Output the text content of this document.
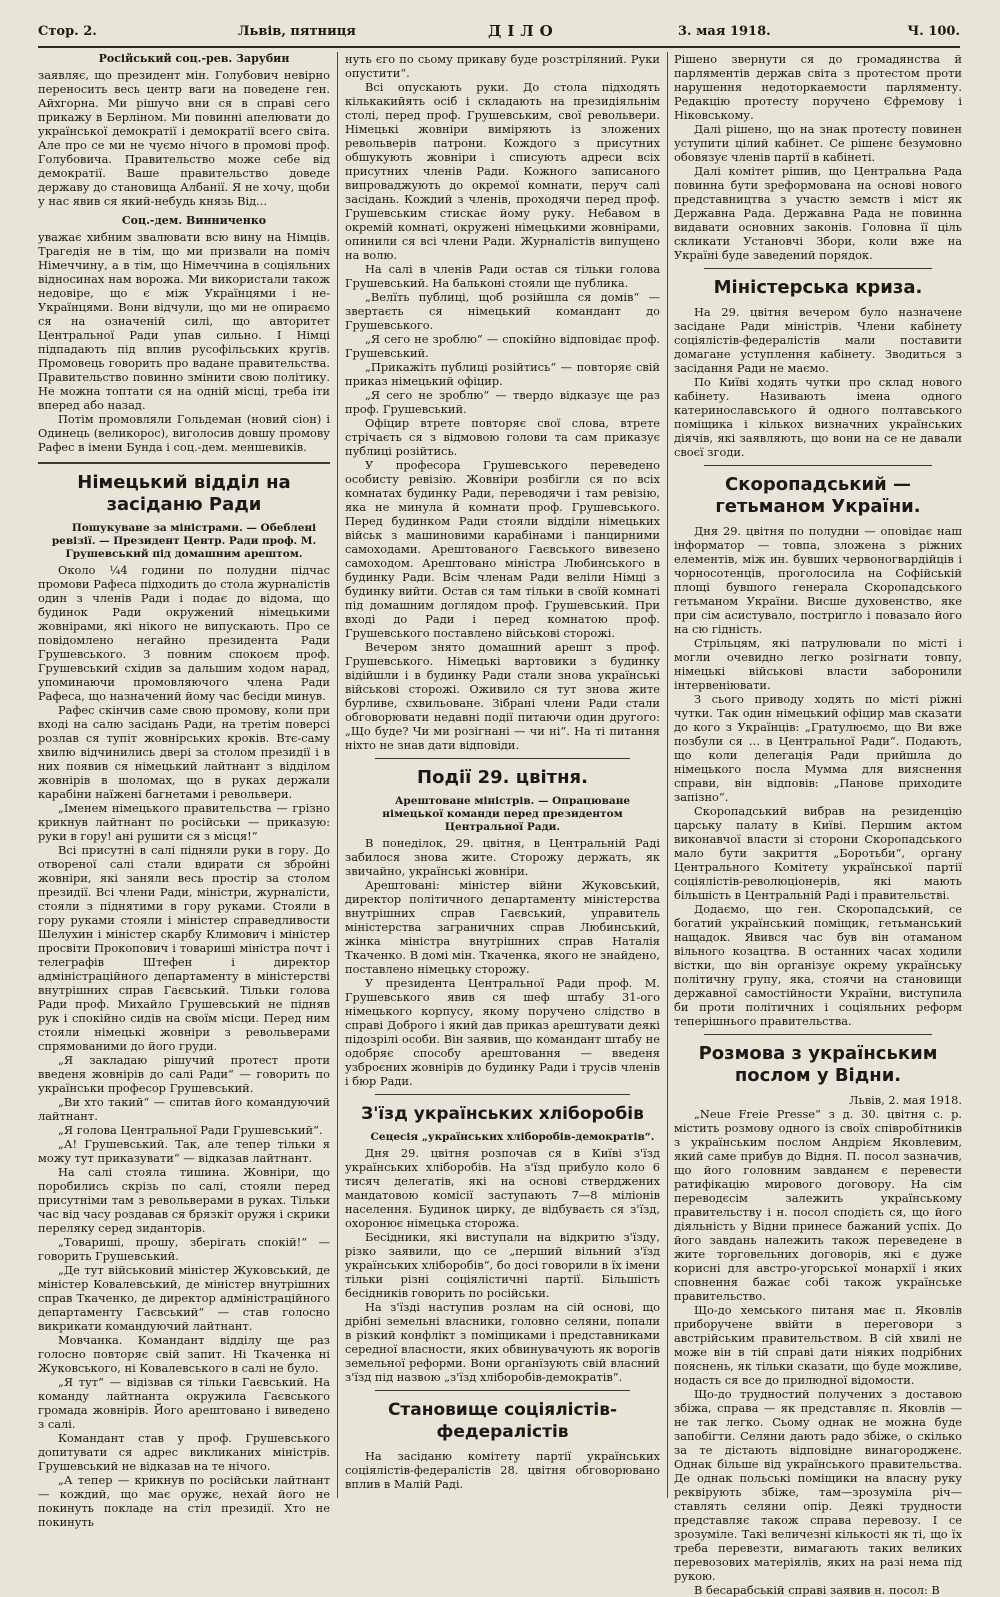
Стор. 2.	Львів, пятниця	ДІЛО	3. мая 1918.	Ч. 100.

Російський соц.-рев. Зарубин

заявляє, що президент мін. Голубович невірно переносить весь центр ваги на поведене ген. Айхгорна. Ми рішучо вни ся в справі сего прикажу в Берліном. Ми повинні апелювати до української демократії і демократії всего світа. Але про се ми не чуємо нічого в промові проф. Голубовича. Правительство може себе від демократії. Ваше правительство доведе державу до становища Албанії. Я не хочу, щоби у нас явив ся який-небудь князь Від...

Соц.-дем. Винниченко

уважає хибним звалювати всю вину на Німців. Трагедія не в тім, що ми призвали на поміч Німеччину, а в тім, що Німеччина в соціяльних відносинах нам ворожа. Ми використали також недовіре, що є між Українцями і не-Українцями. Вони відчули, що ми не опираємо ся на означеній силі, що авторитет Центральної Ради упав сильно. І Німці підпадають під вплив русофільських кругів. Промовець говорить про вадане правительства. Правительство повинно змінити свою політику. Не можна топтати ся на одній місці, треба іти вперед або назад.

Потім промовляли Гольдеман (новий сіон) і Одинець (великорос), виголосив довшу промову Рафес в імени Бунда і соц.-дем. меншевиків.

Німецький відділ на засіданю Ради

Пошукуване за міністрами. — Обеблені ревізії. — Президент Центр. Ради проф. М. Грушевський під домашним арештом.

Около ¼4 години по полудни підчас промови Рафеса підходить до стола журналістів один з членів Ради і подає до відома, що будинок Ради окружений німецькими жовнірами, які нікого не випускають. Про се повідомлено негайно президента Ради Грушевського. З повним спокоєм проф. Грушевський східив за дальшим ходом нарад, упоминаючи промовляючого члена Ради Рафеса, що назначений йому час бесіди минув.

Рафес скінчив саме свою промову, коли при вході на салю засідань Ради, на третім поверсі розлав ся тупіт жовнірських кроків. Втє-саму хвилю відчинились двері за столом президії і в них появив ся німецький лайтнант з відділом жовнірів в шоломах, що в руках держали карабіни наїжені багнетами і револьвери.

„Іменем німецького правительства — грізно крикнув лайтнант по російськи — приказую: руки в гору! ані рушити ся з місця!“

Всі присутні в салі підняли руки в гору. До отвореної салі стали вдирати ся збройні жовніри, які заняли весь простір за столом президії. Всі члени Ради, міністри, журналісти, стояли з піднятими в гору руками. Стояли в гору руками стояли і міністер справедливости Шелухин і міністер скарбу Климович і міністер просвіти Прокопович і товариші міністра почт і телеграфів Штефен і директор адміністраційного департаменту в міністерстві внутрішних справ Гаєвський. Тільки голова Ради проф. Михайло Грушевський не підняв рук і спокійно сидів на своїм місци. Перед ним стояли німецькі жовніри з револьверами спрямованими до його груди.

„Я закладаю рішучий протест проти введеня жовнірів до салі Ради“ — говорить по українськи професор Грушевський.

„Ви хто такий“ — спитав його командуючий лайтнант.

„Я голова Центральної Ради Грушевський“.

„А! Грушевський. Так, але тепер тільки я можу тут приказувати“ — відказав лайтнант.

На салі стояла тишина. Жовніри, що поробились скрізь по салі, стояли перед присутніми там з револьверами в руках. Тільки час від часу роздавав ся брязкіт оружя і скрики переляку серед зиданторів.

„Товариші, прошу, зберігать спокій!“ — говорить Грушевський.

„Де тут військовий міністер Жуковський, де міністер Ковалевський, де міністер внутрішних справ Ткаченко, де директор адміністраційного департаменту Гаєвський“ — став голосно викрикати командуючий лайтнант.

Мовчанка. Командант відділу ще раз голосно повторяє свій запит. Ні Ткаченка ні Жуковського, ні Ковалевського в салі не було.

„Я тут“ — відізвав ся тільки Гаєвський. На команду лайтнанта окружила Гаєвського громада жовнірів. Його арештовано і виведено з салі.

Командант став у проф. Грушевського допитувати ся адрес викликаних міністрів. Грушевський не відказав на те нічого.

„А тепер — крикнув по російськи лайтнант — кождий, що має оружє, нехай його не покинуть покладе на стіл президії. Хто не покинуть

нуть єго по сьому прикаву буде розстріляний. Руки опустити“.

Всі опускають руки. До стола підходять кількакийять осіб і складають на президіяльнім столі, перед проф. Грушевським, свої револьвери. Німецькі жовніри виміряють із зложених револьверів патрони. Кождого з присутних обшукують жовніри і списують адреси всіх присутних членів Ради. Кожного записаного випроваджують до окремої комнати, перуч салі засідань. Кождий з членів, проходячи перед проф. Грушевським стискає йому руку. Небавом в окремій комнаті, окружені німецькими жовнірами, опинили ся всі члени Ради. Журналістів випущено на волю.

На салі в членів Ради остав ся тільки голова Грушевський. На бальконі стояли ще публика.

„Велїть публиці, щоб розійшла ся домів“ — звертаєть ся німецький командант до Грушевського.

„Я сего не зроблю“ — спокійно відповідає проф. Грушевський.

„Прикажіть публиці розійтись“ — повторяє свій приказ німецький офіцир.

„Я сего не зроблю“ — твердо відказує ще раз проф. Грушевський.

Офіцир втрете повторяє свої слова, втрете стрічаєть ся з відмовою голови та сам приказує публиці розійтись.

У професора Грушевського переведено особисту ревізію. Жовніри розбігли ся по всіх комнатах будинку Ради, переводячи і там ревізію, яка не минула й комнати проф. Грушевського. Перед будинком Ради стояли відділи німецьких військ з машиновими карабінами і панцирними самоходами. Арештованого Гаєвського вивезено самоходом. Арештовано міністра Любинського в будинку Ради. Всім членам Ради веліли Німці з будинку вийти. Остав ся там тільки в своїй комнаті під домашним доглядом проф. Грушевський. При вході до Ради і перед комнатою проф. Грушевського поставлено військові сторожі.

Вечером знято домашний арешт з проф. Грушевського. Німецькі вартовики з будинку відійшли і в будинку Ради стали знова українські військові сторожі. Оживило ся тут знова жите бурливе, схвильоване. Зібрані члени Ради стали обговорювати недавні події питаючи один другого: „Що буде? Чи ми розігнані — чи ні“. На ті питання ніхто не знав дати відповіди.

Події 29. цвітня.

Арештоване міністрів. — Опрацюване німецької команди перед президентом Центральної Ради.

В понеділок, 29. цвітня, в Центральній Раді забилося знова жите. Сторожу держать, як звичайно, українські жовніри.

Арештовані: міністер війни Жуковський, директор політичного департаменту міністерства внутрішних справ Гаєвський, управитель міністерства заграничних справ Любинський, жінка міністра внутрішних справ Наталія Ткаченко. В домі мін. Ткаченка, якого не знайдено, поставлено німецьку сторожу.

У президента Центральної Ради проф. М. Грушевського явив ся шеф штабу 31-ого німецького корпусу, якому поручено слідство в справі Доброго і який дав приказ арештувати деякі підозрілі особи. Він заявив, що командант штабу не одобряє способу арештовання — введеня узброєних жовнірів до будинку Ради і трусів членів і бюр Ради.

З'їзд українських хліборобів

Сецесія „українських хліборобів-демократів“.

Дня 29. цвітня розпочав ся в Київі з'їзд українських хліборобів. На з'їзд прибуло коло 6 тисяч делегатів, які на основі стверджених мандатовою комісії заступають 7—8 міліонів населення. Будинок цирку, де відбуваєть ся з'їзд, охоронює німецька сторожа.

Бесідники, які виступали на відкритю з'їзду, різко заявили, що се „перший вільний з'їзд українських хліборобів“, бо досі говорили в їх імени тільки різні соціялістичні партії. Більшість бесідників говорить по російськи.

На з'їзді наступив розлам на сій основі, що дрібні земельні власники, головно селяни, попали в різкий конфлікт з поміщиками і представниками середної власности, яких обвинувачують як ворогів земельної реформи. Вони органїзують свій власний з'їзд під назвою „з'їзд хліборобів-демократів“.

Становище соціялістів-федералістів

На засіданю комітету партії українських соціялістів-федералістів 28. цвітня обговорювано вплив в Малій Раді.

Рішено звернути ся до громадянства й парляментів держав світа з протестом проти нарушення недоторкаемости парляменту. Редакцію протесту поручено Єфремову і Ніковському.

Далі рішено, що на знак протесту повинен уступити цілий кабінет. Се рішенє безумовно обовязує членів партії в кабінеті.

Далі комітет рішив, що Центральна Рада повинна бути зреформована на основі нового представництва з участю земств і міст як Державна Рада. Державна Рада не повинна видавати основних законів. Головна її ціль скликати Установчі Збори, коли вже на Україні буде заведений порядок.

Міністерська криза.

На 29. цвітня вечером було назначене засідане Ради міністрів. Члени кабінету соціялістів-федералістів мали поставити домагане уступлення кабінету. Зводиться з засідання Ради не маємо.

По Київі ходять чутки про склад нового кабінету. Називають імена одного катеринославського й одного полтавського поміщика і кількох визначних українських діячів, які заявляють, що вони на се не давали своєї згоди.

Скоропадський — гетьманом України.

Дня 29. цвітня по полудни — оповідає наш інформатор — товпа, зложена з ріжних елементів, між ин. бувших червоногвардійців і чорносотенців, проголосила на Софійській площі бувшого генерала Скоропадського гетьманом України. Висше духовенство, яке при сім асистувало, постригло і повазало його на сю гідність.

Стрільцям, які патрулювали по місті і могли очевидно легко розігнати товпу, німецькі військові власти заборонили інтервеніювати.

З сього приводу ходять по місті ріжні чутки. Так один німецький офіцир мав сказати до кого з Українців: „Гратулюємо, що Ви вже позбули ся … в Центральної Ради“. Подають, що коли делегація Ради прийшла до німецького посла Мумма для вияснення справи, він відповів: „Панове приходите запізно“.

Скоропадський вибрав на резиденцію царську палату в Київі. Першим актом виконавчої власти зі сторони Скоропадського мало бути закриття „Боротьби“, органу Центрального Комітету української партії соціялістів-революціонерів, які мають більшість в Центральній Раді і правительстві.

Додаємо, що ген. Скоропадський, се богатий український поміщик, гетьманський нащадок. Явився час був він отаманом вільного козацтва. В останних часах ходили вістки, що він організує окрему українську політичну групу, яка, стоячи на становищи державної самостійности України, виступила би проти політичних і соціяльних реформ теперішнього правительства.

Розмова з українським послом у Відни.

Львів, 2. мая 1918.

„Neue Freie Presse“ з д. 30. цвітня с. р. містить розмову одного із своїх співробітників з українським послом Андрієм Яковлевим, який саме прибув до Відня. П. посол зазначив, що його головним завданєм є перевести ратифікацію мирового договору. На сім переводєсім залежить українському правительству і н. посол сподієть ся, що його діяльність у Відни принесе бажаний успіх. До його завдань належить також переведене в жите торговельних договорів, які є дуже корисні для австро-угорської монархії і яких сповнення бажає собі також українське правительство.

Що-до хемського питаня має п. Яковлів приборучене ввійти в переговори з австрійським правительством. В сій хвилі не може він в тій справі дати ніяких подрібних пояснень, як тільки сказати, що буде можливе, нодасть ся все до прилюдної відомости.

Що-до трудностий получених з доставою збіжа, справа — як представляє п. Яковлів — не так легко. Сьому однак не можна буде запобігти. Селяни дають радо збіже, о скілько за те дістають відповідне винагородженє. Однак більше від українського правительства. Де однак польські поміщики на власну руку реквірують збіже, там—зрозуміла річ—ставлять селяни опір. Деякі трудности представляє також справа перевозу. І се зрозуміле. Такі величезні кількості як ті, що їх треба перевезти, вимагають таких великих перевозових матеріялів, яких на разі нема під рукою.

В бесарабській справі заявив н. посол: В
